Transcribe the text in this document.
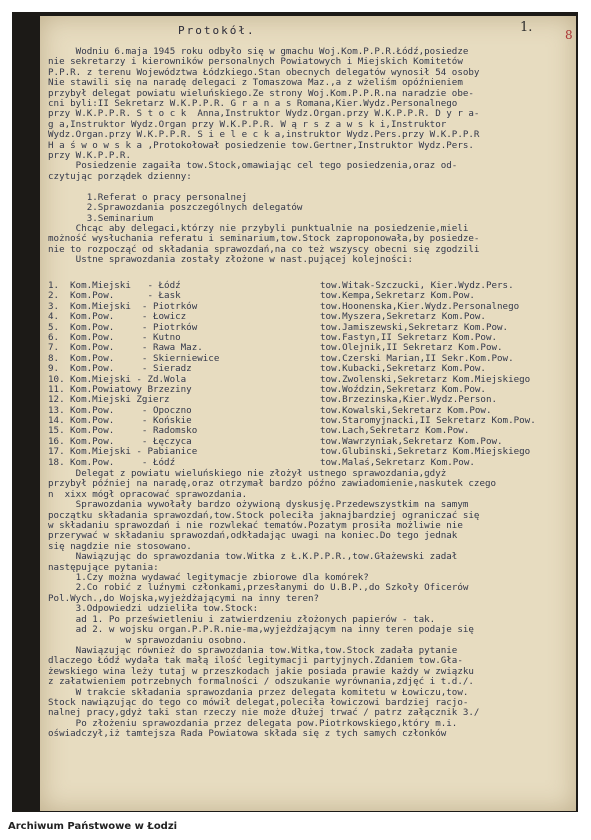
1.	8
Protokół.
Wodniu 6.maja 1945 roku odbyło się w gmachu Woj.Kom.P.P.R.Łódź,posiedze
nie sekretarzy i kierowników personalnych Powiatowych i Miejskich Komitetów
P.P.R. z terenu Województwa Łódzkiego.Stan obecnych delegatów wynosił 54 osoby
Nie stawili się na naradę delegaci z Tomaszowa Maz.,a z wżeliśm opóźnieniem
przybył delegat powiatu wieluńskiego.Ze strony Woj.Kom.P.P.R.na naradzie obe-
cni byli:II Sekretarz W.K.P.P.R. G r a n a s Romana,Kier.Wydz.Personalnego
przy W.K.P.P.R. S t o c k  Anna,Instruktor Wydz.Organ.przy W.K.P.P.R. D y r a-
g a,Instruktor Wydz.Organ przy W.K.P.P.R. W ą r s z a w s k i,Instruktor
Wydz.Organ.przy W.K.P.P.R. S i e l e c k a,instruktor Wydz.Pers.przy W.K.P.P.R
H a ś w o w s k a ,Protokołował posiedzenie tow.Gertner,Instruktor Wydz.Pers.
przy W.K.P.P.R.
Posiedzenie zagaiła tow.Stock,omawiając cel tego posiedzenia,oraz od-
czytując porządek dzienny:

1.Referat o pracy personalnej
2.Sprawozdania poszczególnych delegatów
3.Seminarium
Chcąc aby delegaci,którzy nie przybyli punktualnie na posiedzenie,mieli
możność wysłuchania referatu i seminarium,tow.Stock zaproponowała,by posiedze-
nie to rozpocząć od składania sprawozdań,na co też wszyscy obecni się zgodzili
Ustne sprawozdania zostały złożone w nast.pującej kolejności:
1.	Kom.Miejski   - Łódź	tow.Witak-Szczucki, Kier.Wydz.Pers.
2.	Kom.Pow.      - Łask	tow.Kempa,Sekretarz Kom.Pow.
3.	Kom.Miejski  - Piotrków	tow.Hoonenska,Kier.Wydz.Personalnego
4.	Kom.Pow.     - Łowicz	tow.Myszera,Sekretarz Kom.Pow.
5.	Kom.Pow.     - Piotrków	tow.Jamiszewski,Sekretarz Kom.Pow.
6.	Kom.Pow.     - Kutno	tow.Fastyn,II Sekretarz Kom.Pow.
7.	Kom.Pow.     - Rawa Maz.	tow.Olejnik,II Sekretarz Kom.Pow.
8.	Kom.Pow.     - Skierniewice	tow.Czerski Marian,II Sekr.Kom.Pow.
9.	Kom.Pow.     - Sieradz	tow.Kubacki,Sekretarz Kom.Pow.
10. Kom.Miejski - Zd.Wola	tow.Zwolenski,Sekretarz Kom.Miejskiego
11. Kom.Powiatowy Brzeziny	tow.Woździn,Sekretarz Kom.Pow.
12. Kom.Miejski Zgierz	tow.Brzezinska,Kier.Wydz.Person.
13. Kom.Pow.     - Opoczno	tow.Kowalski,Sekretarz Kom.Pow.
14. Kom.Pow.     - Końskie	tow.Staromyjnacki,II Sekretarz Kom.Pow.
15. Kom.Pow.     - Radomsko	tow.Lach,Sekretarz Kom.Pow.
16. Kom.Pow.     - Łęczyca	tow.Wawrzyniak,Sekretarz Kom.Pow.
17. Kom.Miejski - Pabianice	tow.Glubinski,Sekretarz Kom.Miejskiego
18. Kom.Pow.     - Łódź	tow.Malaś,Sekretarz Kom.Pow.
Delegat z powiatu wieluńskiego nie złożył ustnego sprawozdania,gdyż
przybył później na naradę,oraz otrzymał bardzo późno zawiadomienie,naskutek czego
n  xixx mógł opracować sprawozdania.
Sprawozdania wywołały bardzo ożywioną dyskusję.Przedewszystkim na samym
początku składania sprawozdań,tow.Stock poleciła jaknajbardziej ograniczać się
w składaniu sprawozdań i nie rozwlekać tematów.Pozatym prosiła możliwie nie
przerywać w składaniu sprawozdań,odkładając uwagi na koniec.Do tego jednak
się nagdzie nie stosowano.
Nawiązując do sprawozdania tow.Witka z Ł.K.P.P.R.,tow.Głażewski zadał
następujące pytania:
1.Czy można wydawać legitymacje zbiorowe dla komórek?
2.Co robić z luźnymi członkami,przesłanymi do U.B.P.,do Szkoły Oficerów
Pol.Wych.,do Wojska,wyjeżdżającymi na inny teren?
3.Odpowiedzi udzieliła tow.Stock:
ad 1. Po prześwietleniu i zatwierdzeniu złożonych papierów - tak.
ad 2. w wojsku organ.P.P.R.nie-ma,wyjeżdżającym na inny teren podaje się
w sprawozdaniu osobno.
Nawiązując również do sprawozdania tow.Witka,tow.Stock zadała pytanie
dlaczego Łódź wydała tak małą ilość legitymacji partyjnych.Zdaniem tow.Gła-
żewskiego wina leży tutaj w przeszkodach jakie posiada prawie każdy w związku
z załatwieniem potrzebnych formalności / odszukanie wyrównania,zdjęć i t.d./.
W trakcie składania sprawozdania przez delegata komitetu w Łowiczu,tow.
Stock nawiązując do tego co mówił delegat,poleciła łowiczowi bardziej racjo-
nalnej pracy,gdyż taki stan rzeczy nie może dłużej trwać / patrz załącznik 3./
Po złożeniu sprawozdania przez delegata pow.Piotrkowskiego,który m.i.
oświadczył,iż tamtejsza Rada Powiatowa składa się z tych samych członków
Archiwum Państwowe w Łodzi
